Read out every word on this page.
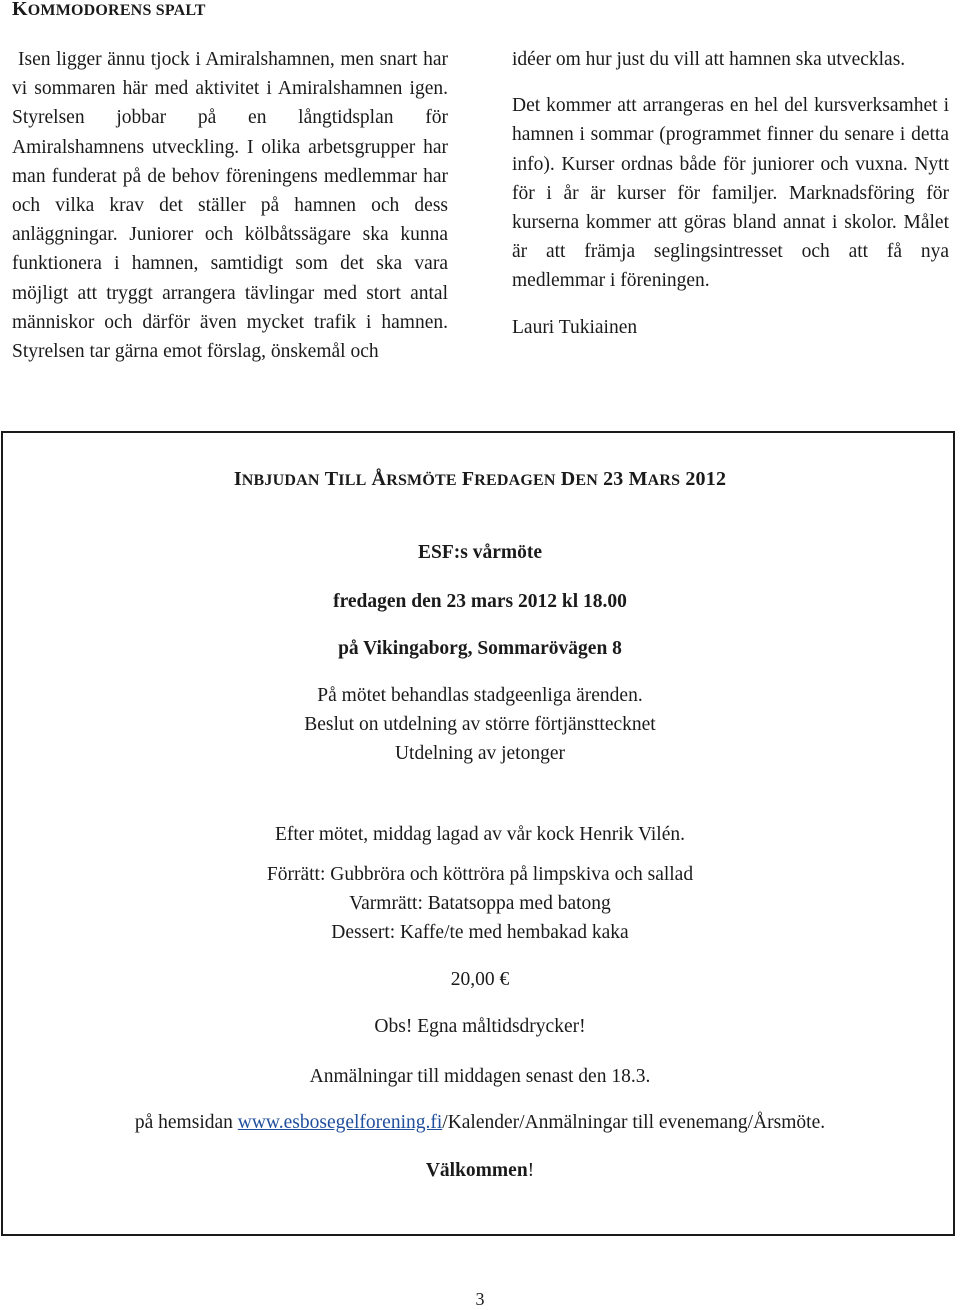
KOMMODORENS SPALT

Isen ligger ännu tjock i Amiralshamnen, men snart har vi sommaren här med aktivitet i Amiralshamnen igen. Styrelsen jobbar på en långtidsplan för Amiralshamnens utveckling. I olika arbetsgrupper har man funderat på de behov föreningens medlemmar har och vilka krav det ställer på hamnen och dess anläggningar. Juniorer och kölbåtssägare ska kunna funktionera i hamnen, samtidigt som det ska vara möjligt att tryggt arrangera tävlingar med stort antal människor och därför även mycket trafik i hamnen. Styrelsen tar gärna emot förslag, önskemål och

idéer om hur just du vill att hamnen ska utvecklas.

Det kommer att arrangeras en hel del kursverksamhet i hamnen i sommar (programmet finner du senare i detta info). Kurser ordnas både för juniorer och vuxna. Nytt för i år är kurser för familjer. Marknadsföring för kurserna kommer att göras bland annat i skolor. Målet är att främja seglingsintresset och att få nya medlemmar i föreningen.

Lauri Tukiainen

INBJUDAN TILL ÅRSMÖTE FREDAGEN DEN 23 MARS 2012
ESF:s vårmöte
fredagen den 23 mars 2012 kl 18.00
på Vikingaborg, Sommarövägen 8
På mötet behandlas stadgeenliga ärenden.
Beslut on utdelning av större förtjänsttecknet
Utdelning av jetonger
Efter mötet, middag lagad av vår kock Henrik Vilén.
Förrätt: Gubbröra och köttröra på limpskiva och sallad
Varmrätt: Batatsoppa med batong
Dessert: Kaffe/te med hembakad kaka
20,00 €
Obs! Egna måltidsdrycker!
Anmälningar till middagen senast den 18.3.
på hemsidan www.esbosegelforening.fi/Kalender/Anmälningar till evenemang/Årsmöte.
Välkommen!
3
